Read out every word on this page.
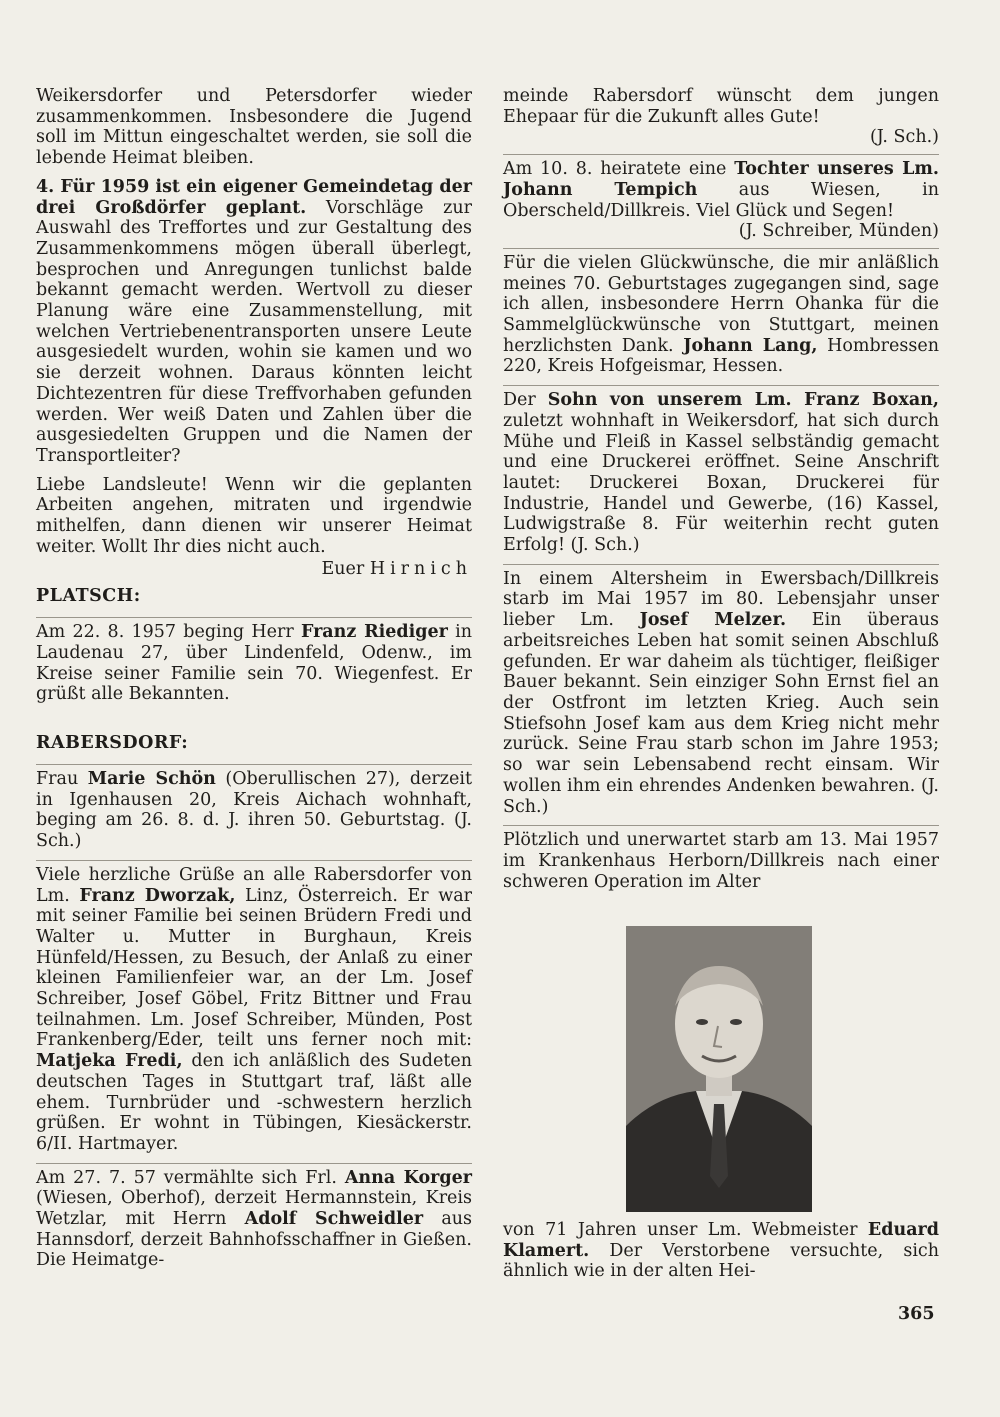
Weikersdorfer und Petersdorfer wieder zusammenkommen. Insbesondere die Jugend soll im Mittun eingeschaltet werden, sie soll die lebende Heimat bleiben.

4. Für 1959 ist ein eigener Gemeindetag der drei Großdörfer geplant. Vorschläge zur Auswahl des Treffortes und zur Gestaltung des Zusammenkommens mögen überall überlegt, besprochen und Anregungen tunlichst balde bekannt gemacht werden. Wertvoll zu dieser Planung wäre eine Zusammenstellung, mit welchen Vertriebenentransporten unsere Leute ausgesiedelt wurden, wohin sie kamen und wo sie derzeit wohnen. Daraus könnten leicht Dichtezentren für diese Treffvorhaben gefunden werden. Wer weiß Daten und Zahlen über die ausgesiedelten Gruppen und die Namen der Transportleiter?

Liebe Landsleute! Wenn wir die geplanten Arbeiten angehen, mitraten und irgendwie mithelfen, dann dienen wir unserer Heimat weiter. Wollt Ihr dies nicht auch.

Euer Hirnich
PLATSCH:

Am 22. 8. 1957 beging Herr Franz Riediger in Laudenau 27, über Lindenfeld, Odenw., im Kreise seiner Familie sein 70. Wiegenfest. Er grüßt alle Bekannten.

RABERSDORF:

Frau Marie Schön (Oberullischen 27), derzeit in Igenhausen 20, Kreis Aichach wohnhaft, beging am 26. 8. d. J. ihren 50. Geburtstag. (J. Sch.)

Viele herzliche Grüße an alle Rabersdorfer von Lm. Franz Dworzak, Linz, Österreich. Er war mit seiner Familie bei seinen Brüdern Fredi und Walter u. Mutter in Burghaun, Kreis Hünfeld/Hessen, zu Besuch, der Anlaß zu einer kleinen Familienfeier war, an der Lm. Josef Schreiber, Josef Göbel, Fritz Bittner und Frau teilnahmen. Lm. Josef Schreiber, Münden, Post Frankenberg/Eder, teilt uns ferner noch mit: Matjeka Fredi, den ich anläßlich des Sudeten deutschen Tages in Stuttgart traf, läßt alle ehem. Turnbrüder und -schwestern herzlich grüßen. Er wohnt in Tübingen, Kiesäckerstr. 6/II. Hartmayer.

Am 27. 7. 57 vermählte sich Frl. Anna Korger (Wiesen, Oberhof), derzeit Hermannstein, Kreis Wetzlar, mit Herrn Adolf Schweidler aus Hannsdorf, derzeit Bahnhofsschaffner in Gießen. Die Heimatge-

meinde Rabersdorf wünscht dem jungen Ehepaar für die Zukunft alles Gute!

(J. Sch.)

Am 10. 8. heiratete eine Tochter unseres Lm. Johann Tempich aus Wiesen, in Oberscheld/Dillkreis. Viel Glück und Segen!

(J. Schreiber, Münden)

Für die vielen Glückwünsche, die mir anläßlich meines 70. Geburtstages zugegangen sind, sage ich allen, insbesondere Herrn Ohanka für die Sammelglückwünsche von Stuttgart, meinen herzlichsten Dank. Johann Lang, Hombressen 220, Kreis Hofgeismar, Hessen.

Der Sohn von unserem Lm. Franz Boxan, zuletzt wohnhaft in Weikersdorf, hat sich durch Mühe und Fleiß in Kassel selbständig gemacht und eine Druckerei eröffnet. Seine Anschrift lautet: Druckerei Boxan, Druckerei für Industrie, Handel und Gewerbe, (16) Kassel, Ludwigstraße 8. Für weiterhin recht guten Erfolg! (J. Sch.)

In einem Altersheim in Ewersbach/Dillkreis starb im Mai 1957 im 80. Lebensjahr unser lieber Lm. Josef Melzer. Ein überaus arbeitsreiches Leben hat somit seinen Abschluß gefunden. Er war daheim als tüchtiger, fleißiger Bauer bekannt. Sein einziger Sohn Ernst fiel an der Ostfront im letzten Krieg. Auch sein Stiefsohn Josef kam aus dem Krieg nicht mehr zurück. Seine Frau starb schon im Jahre 1953; so war sein Lebensabend recht einsam. Wir wollen ihm ein ehrendes Andenken bewahren. (J. Sch.)

Plötzlich und unerwartet starb am 13. Mai 1957 im Krankenhaus Herborn/Dillkreis nach einer schweren Operation im Alter

von 71 Jahren unser Lm. Webmeister Eduard Klamert. Der Verstorbene versuchte, sich ähnlich wie in der alten Hei-

365
